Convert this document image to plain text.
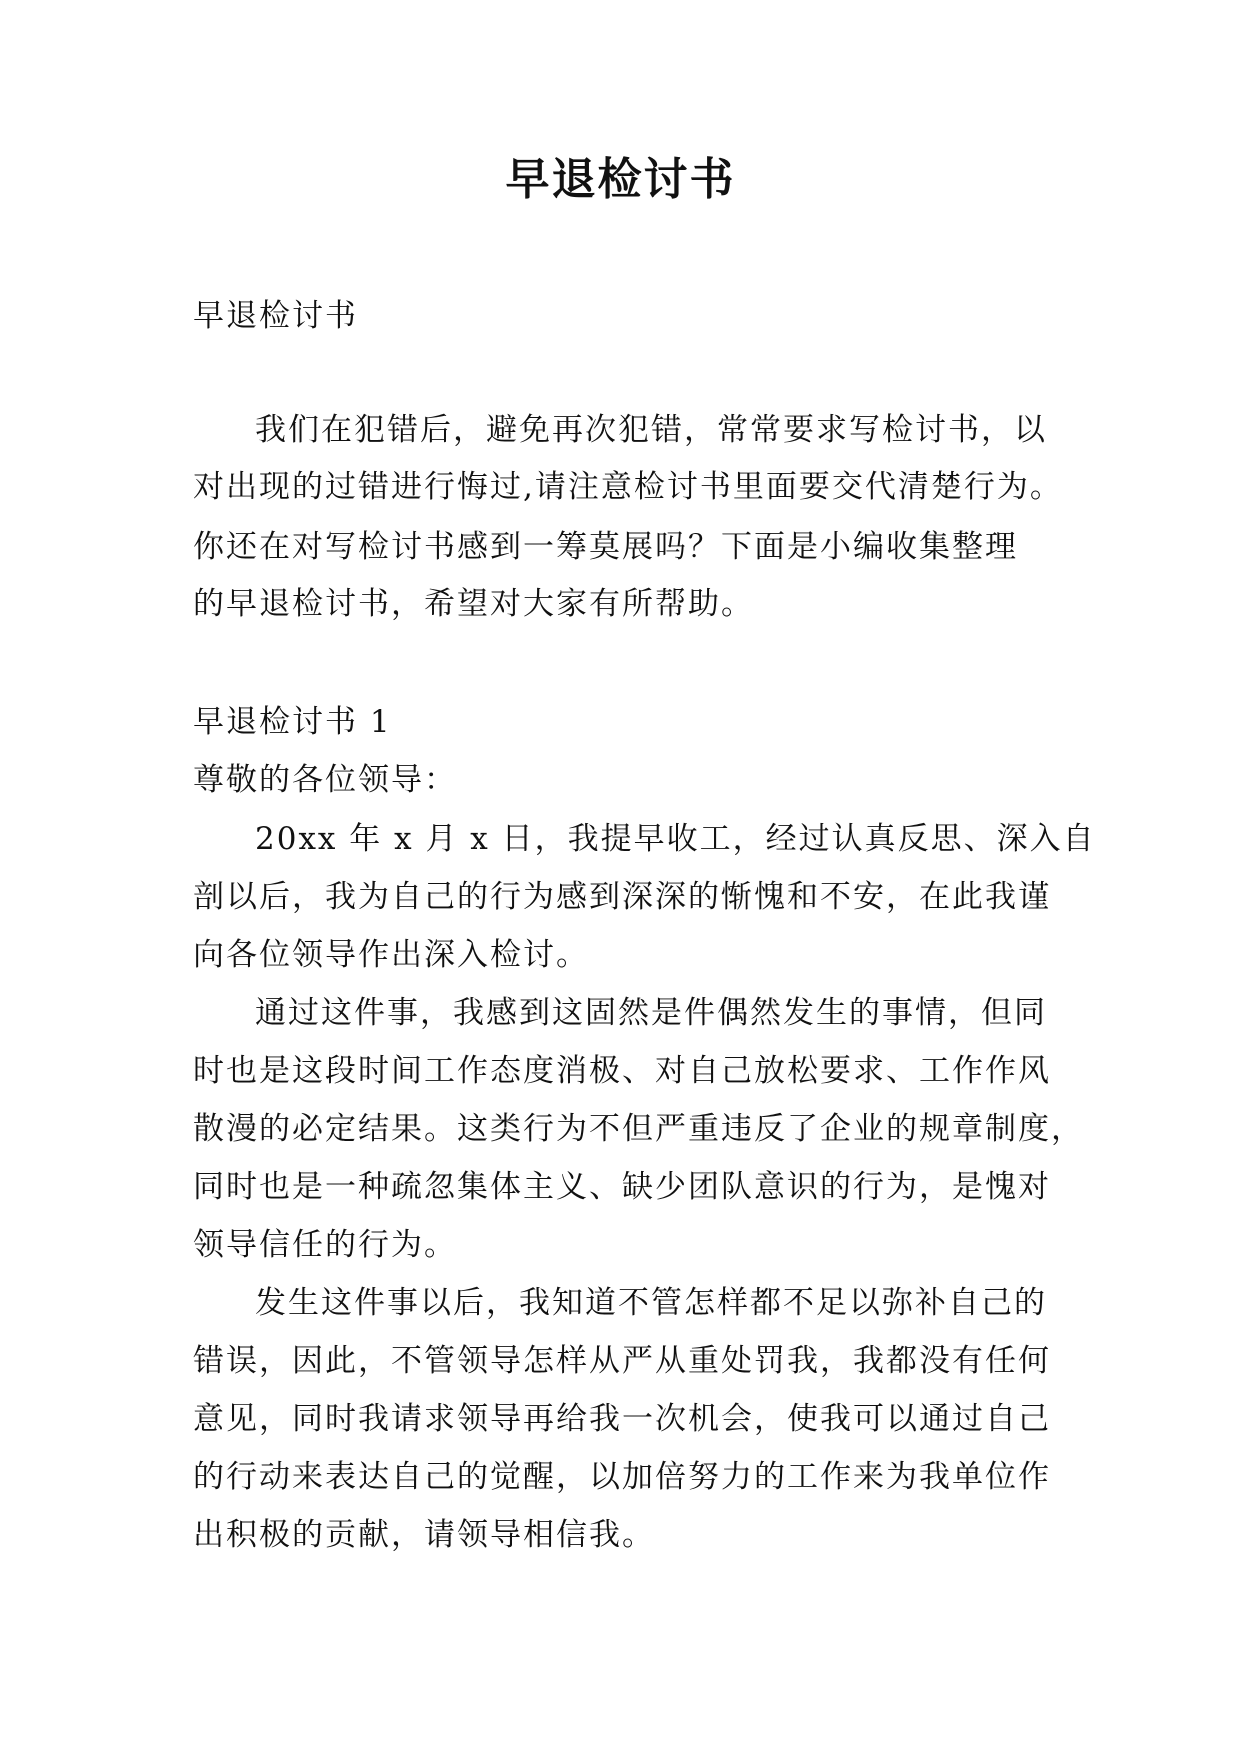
早退检讨书

早退检讨书

我们在犯错后，避免再次犯错，常常要求写检讨书，以

对出现的过错进行悔过,请注意检讨书里面要交代清楚行为。

你还在对写检讨书感到一筹莫展吗？下面是小编收集整理

的早退检讨书，希望对大家有所帮助。

早退检讨书 1

尊敬的各位领导：

20xx 年 x 月 x 日，我提早收工，经过认真反思、深入自

剖以后，我为自己的行为感到深深的惭愧和不安，在此我谨

向各位领导作出深入检讨。

通过这件事，我感到这固然是件偶然发生的事情，但同

时也是这段时间工作态度消极、对自己放松要求、工作作风

散漫的必定结果。这类行为不但严重违反了企业的规章制度，

同时也是一种疏忽集体主义、缺少团队意识的行为，是愧对

领导信任的行为。

发生这件事以后，我知道不管怎样都不足以弥补自己的

错误，因此，不管领导怎样从严从重处罚我，我都没有任何

意见，同时我请求领导再给我一次机会，使我可以通过自己

的行动来表达自己的觉醒，以加倍努力的工作来为我单位作

出积极的贡献，请领导相信我。
